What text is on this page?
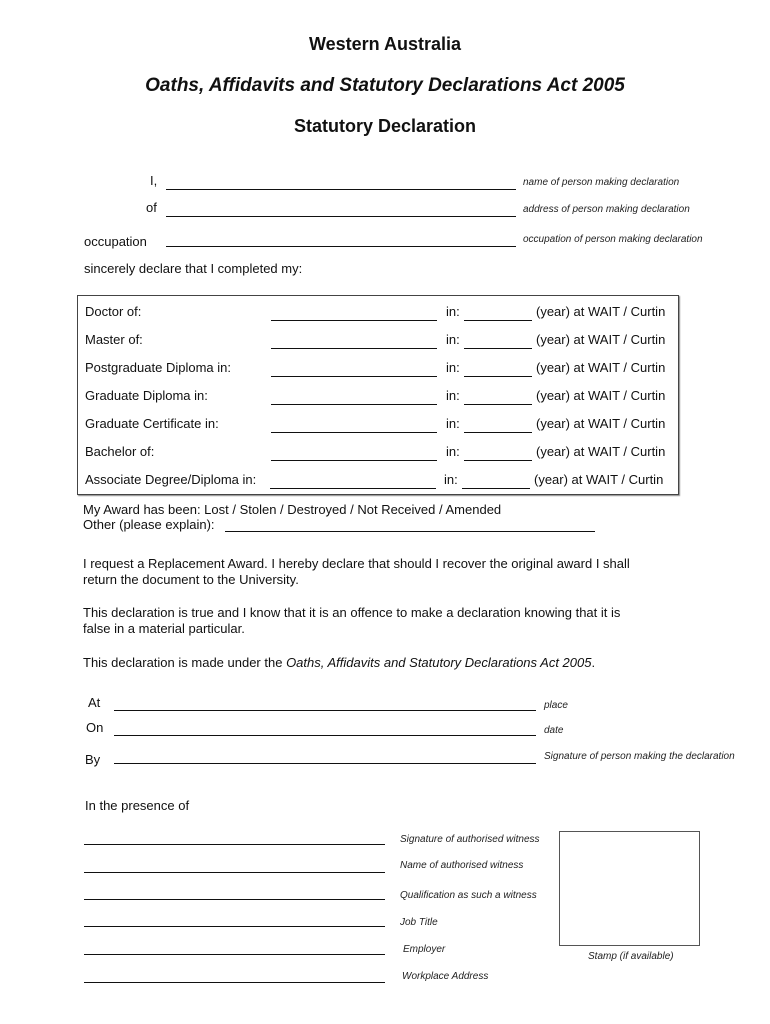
Western Australia
Oaths, Affidavits and Statutory Declarations Act 2005
Statutory Declaration
I,	name of person making declaration
of	address of person making declaration
occupation	occupation of person making declaration
sincerely declare that I completed my:
Doctor of:	in:	(year) at WAIT / Curtin
Master of:	in:	(year) at WAIT / Curtin
Postgraduate Diploma in:	in:	(year) at WAIT / Curtin
Graduate Diploma in:	in:	(year) at WAIT / Curtin
Graduate Certificate in:	in:	(year) at WAIT / Curtin
Bachelor of:	in:	(year) at WAIT / Curtin
Associate Degree/Diploma in:	in:	(year) at WAIT / Curtin
My Award has been: Lost / Stolen / Destroyed / Not Received / Amended
Other (please explain):
I request a Replacement Award. I hereby declare that should I recover the original award I shall
return the document to the University.
This declaration is true and I know that it is an offence to make a declaration knowing that it is
false in a material particular.
This declaration is made under the Oaths, Affidavits and Statutory Declarations Act 2005.
At	place
On	date
By	Signature of person making the declaration
In the presence of
Signature of authorised witness
Name of authorised witness
Qualification as such a witness
Job Title
Employer
Workplace Address
Stamp (if available)
